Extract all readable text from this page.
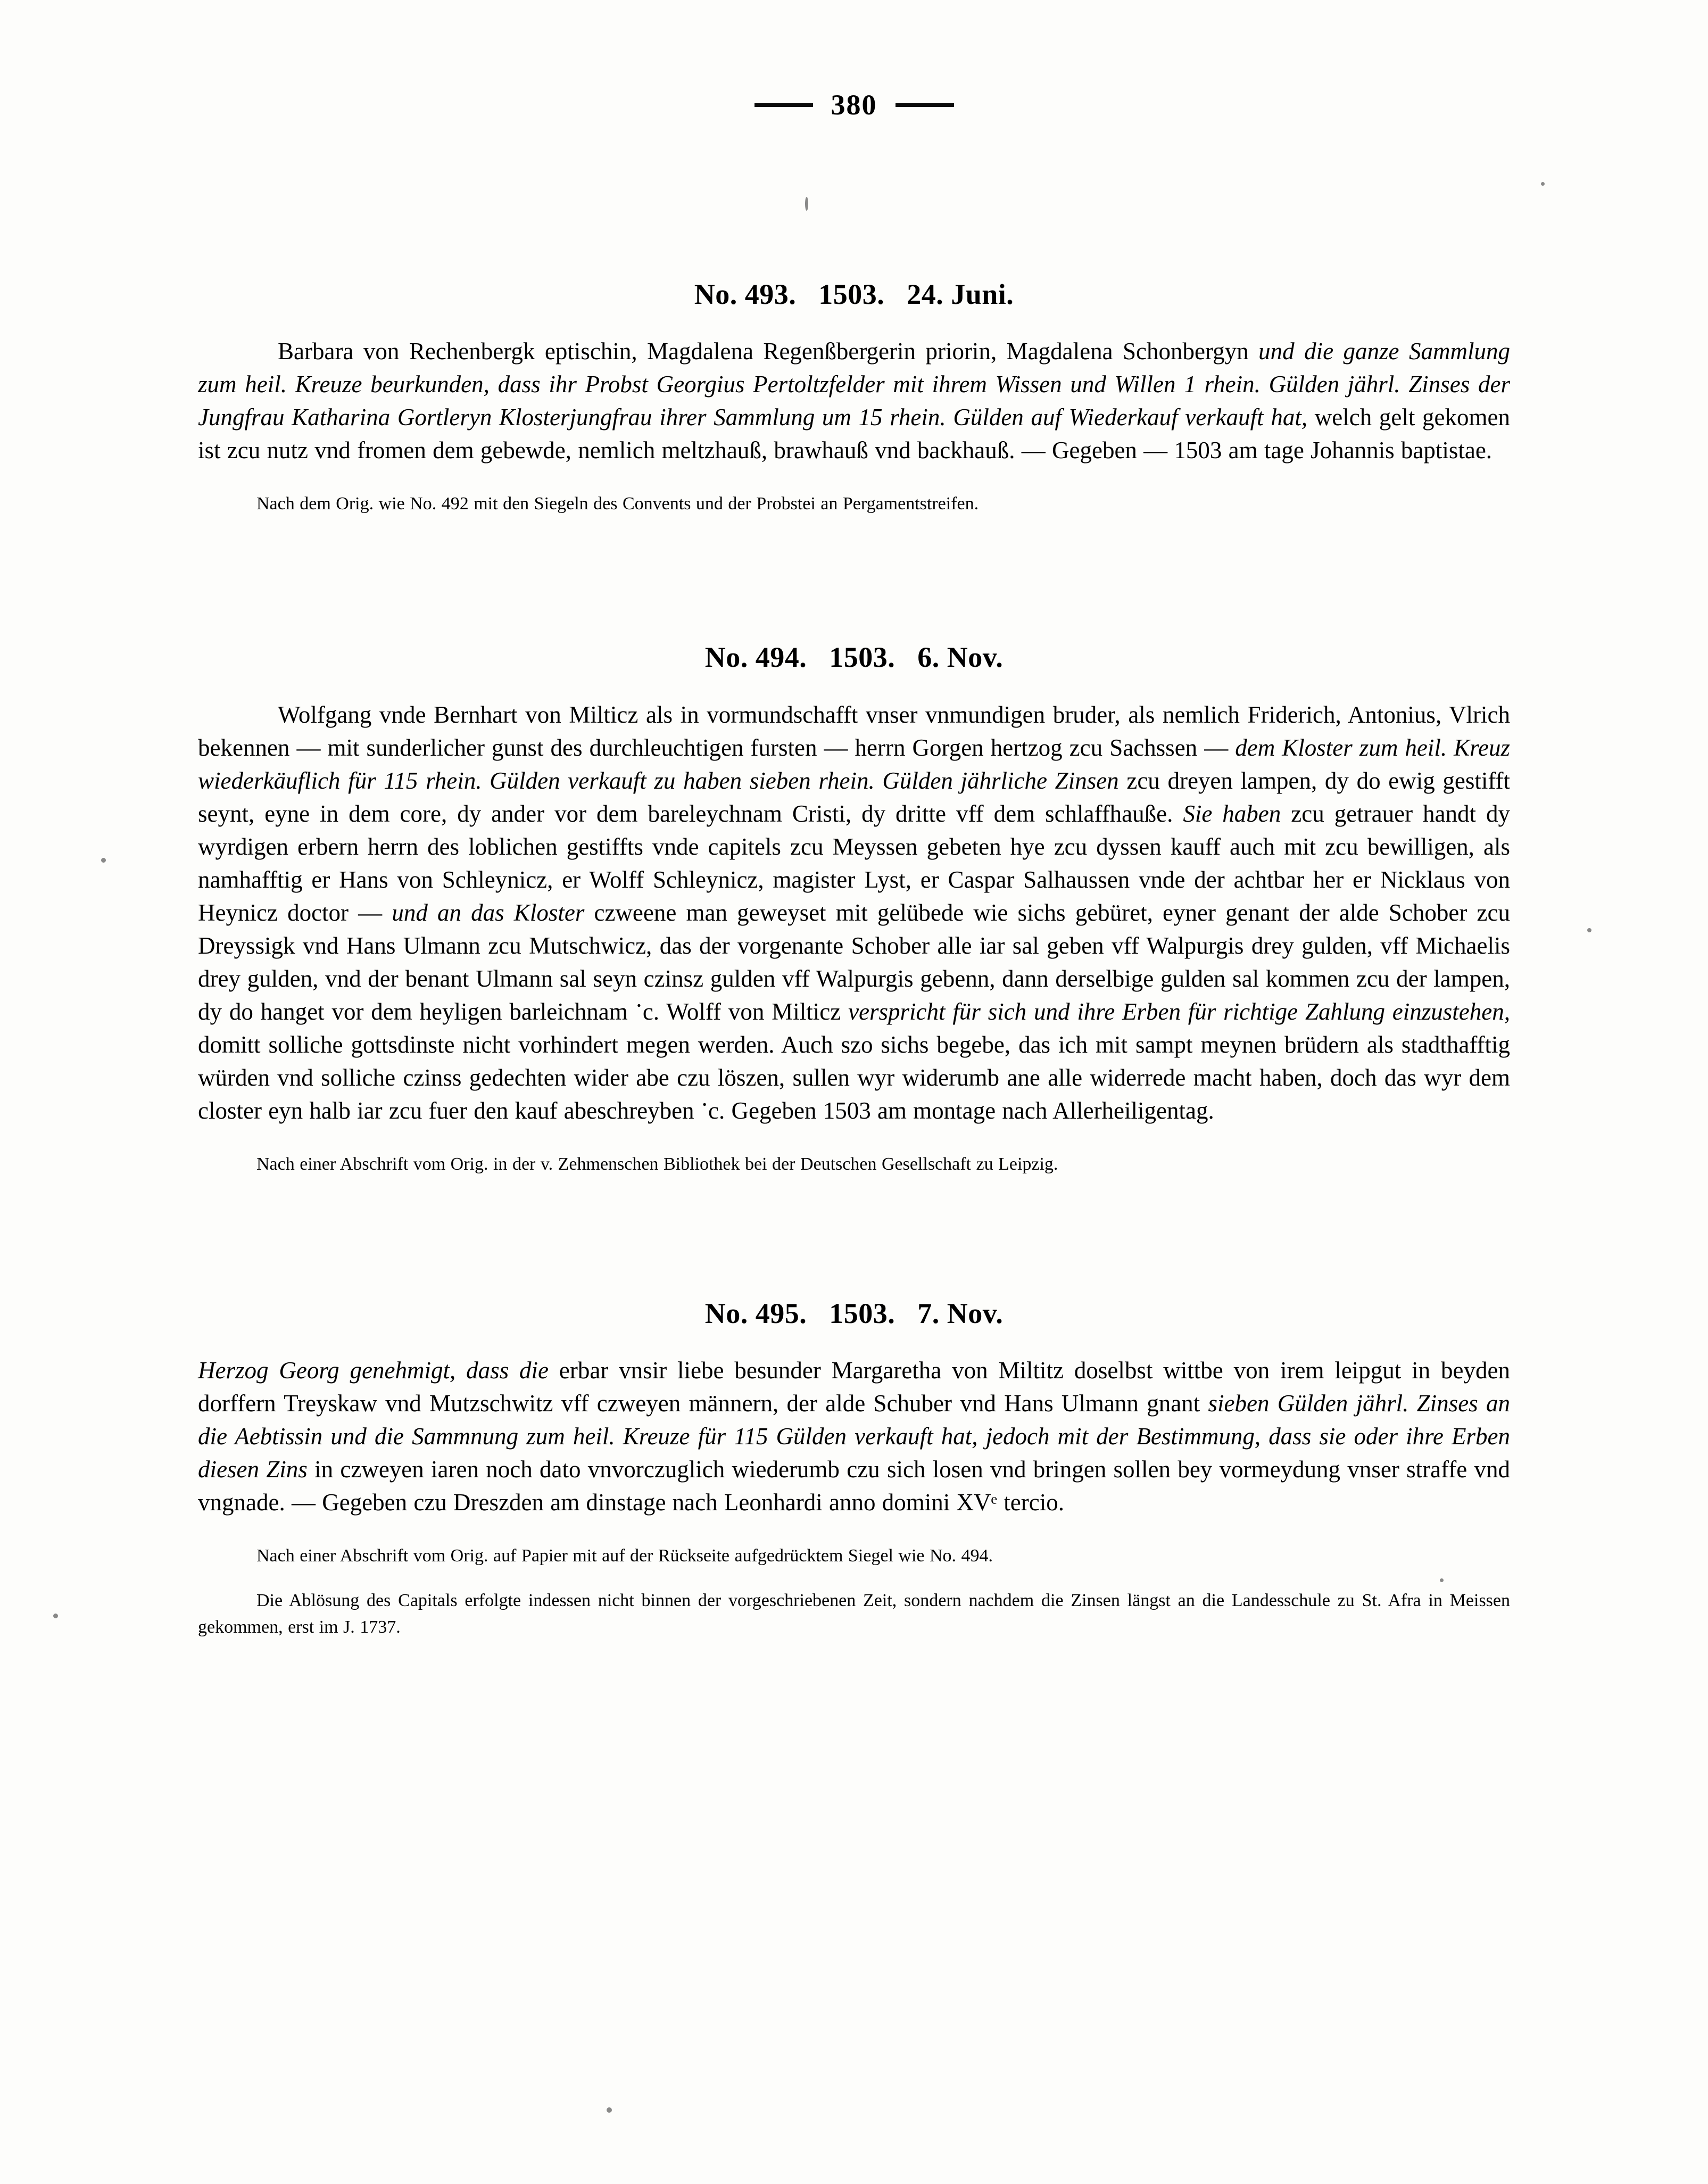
380
No. 493.   1503.   24. Juni.

Barbara von Rechenbergk eptischin, Magdalena Regenßbergerin priorin, Magdalena Schonbergyn und die ganze Sammlung zum heil. Kreuze beurkunden, dass ihr Probst Georgius Pertoltzfelder mit ihrem Wissen und Willen 1 rhein. Gülden jährl. Zinses der Jungfrau Katharina Gortleryn Klosterjungfrau ihrer Sammlung um 15 rhein. Gülden auf Wiederkauf verkauft hat, welch gelt gekomen ist zcu nutz vnd fromen dem gebewde, nemlich meltzhauß, brawhauß vnd backhauß. — Gegeben — 1503 am tage Johannis baptistae.

Nach dem Orig. wie No. 492 mit den Siegeln des Convents und der Probstei an Pergamentstreifen.

No. 494.   1503.   6. Nov.

Wolfgang vnde Bernhart von Milticz als in vormundschafft vnser vnmundigen bruder, als nemlich Friderich, Antonius, Vlrich bekennen — mit sunderlicher gunst des durchleuchtigen fursten — herrn Gorgen hertzog zcu Sachssen — dem Kloster zum heil. Kreuz wiederkäuflich für 115 rhein. Gülden verkauft zu haben sieben rhein. Gülden jährliche Zinsen zcu dreyen lampen, dy do ewig gestifft seynt, eyne in dem core, dy ander vor dem bareleychnam Cristi, dy dritte vff dem schlaffhauße. Sie haben zcu getrauer handt dy wyrdigen erbern herrn des loblichen gestiffts vnde capitels zcu Meyssen gebeten hye zcu dyssen kauff auch mit zcu bewilligen, als namhafftig er Hans von Schleynicz, er Wolff Schleynicz, magister Lyst, er Caspar Salhaussen vnde der achtbar her er Nicklaus von Heynicz doctor — und an das Kloster czweene man geweyset mit gelübede wie sichs gebüret, eyner genant der alde Schober zcu Dreyssigk vnd Hans Ulmann zcu Mutschwicz, das der vorgenante Schober alle iar sal geben vff Walpurgis drey gulden, vff Michaelis drey gulden, vnd der benant Ulmann sal seyn czinsz gulden vff Walpurgis gebenn, dann derselbige gulden sal kommen zcu der lampen, dy do hanget vor dem heyligen barleichnam ॱc. Wolff von Milticz verspricht für sich und ihre Erben für richtige Zahlung einzustehen, domitt solliche gottsdinste nicht vorhindert megen werden. Auch szo sichs begebe, das ich mit sampt meynen brüdern als stadthafftig würden vnd solliche czinss gedechten wider abe czu löszen, sullen wyr widerumb ane alle widerrede macht haben, doch das wyr dem closter eyn halb iar zcu fuer den kauf abeschreyben ॱc. Gegeben 1503 am montage nach Allerheiligentag.

Nach einer Abschrift vom Orig. in der v. Zehmenschen Bibliothek bei der Deutschen Gesellschaft zu Leipzig.

No. 495.   1503.   7. Nov.

Herzog Georg genehmigt, dass die erbar vnsir liebe besunder Margaretha von Miltitz doselbst wittbe von irem leipgut in beyden dorffern Treyskaw vnd Mutzschwitz vff czweyen männern, der alde Schuber vnd Hans Ulmann gnant sieben Gülden jährl. Zinses an die Aebtissin und die Sammnung zum heil. Kreuze für 115 Gülden verkauft hat, jedoch mit der Bestimmung, dass sie oder ihre Erben diesen Zins in czweyen iaren noch dato vnvorczuglich wiederumb czu sich losen vnd bringen sollen bey vormeydung vnser straffe vnd vngnade. — Gegeben czu Dreszden am dinstage nach Leonhardi anno domini XVᵉ tercio.

Nach einer Abschrift vom Orig. auf Papier mit auf der Rückseite aufgedrücktem Siegel wie No. 494.

Die Ablösung des Capitals erfolgte indessen nicht binnen der vorgeschriebenen Zeit, sondern nachdem die Zinsen längst an die Landesschule zu St. Afra in Meissen gekommen, erst im J. 1737.
